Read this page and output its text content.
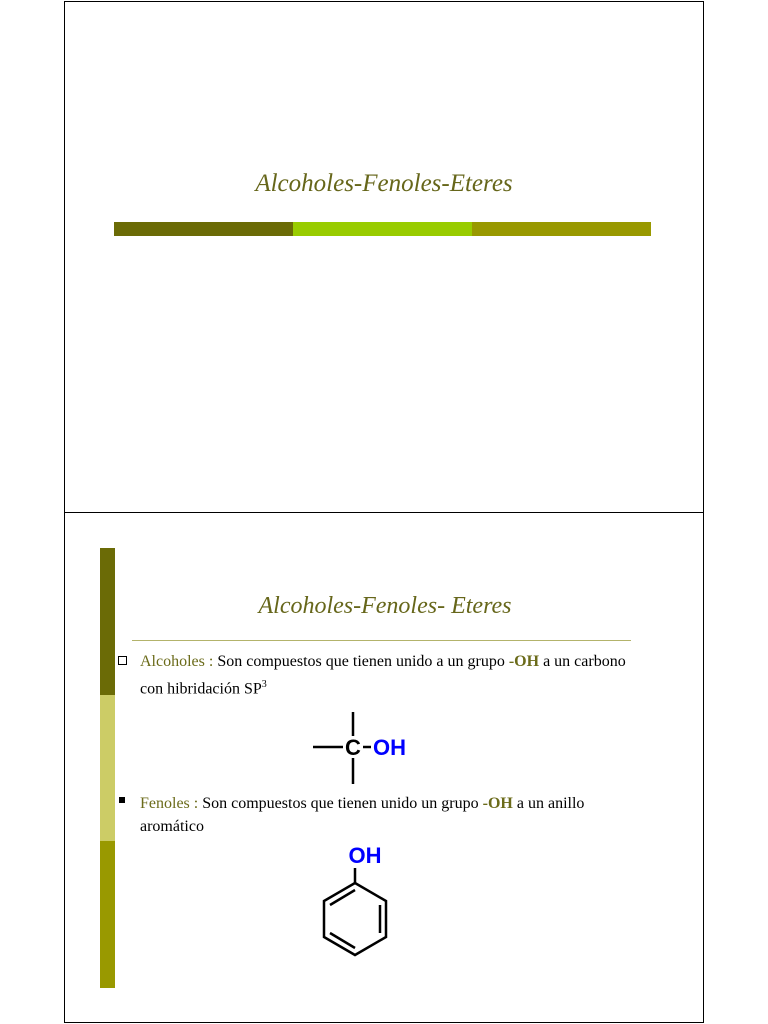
Alcoholes-Fenoles-Eteres
Alcoholes-Fenoles- Eteres
Alcoholes : Son compuestos que tienen unido a un grupo -OH a un carbono con hibridación $SP^3$
C OH
Fenoles : Son compuestos que tienen unido un grupo -OH a un anillo aromático
OH
